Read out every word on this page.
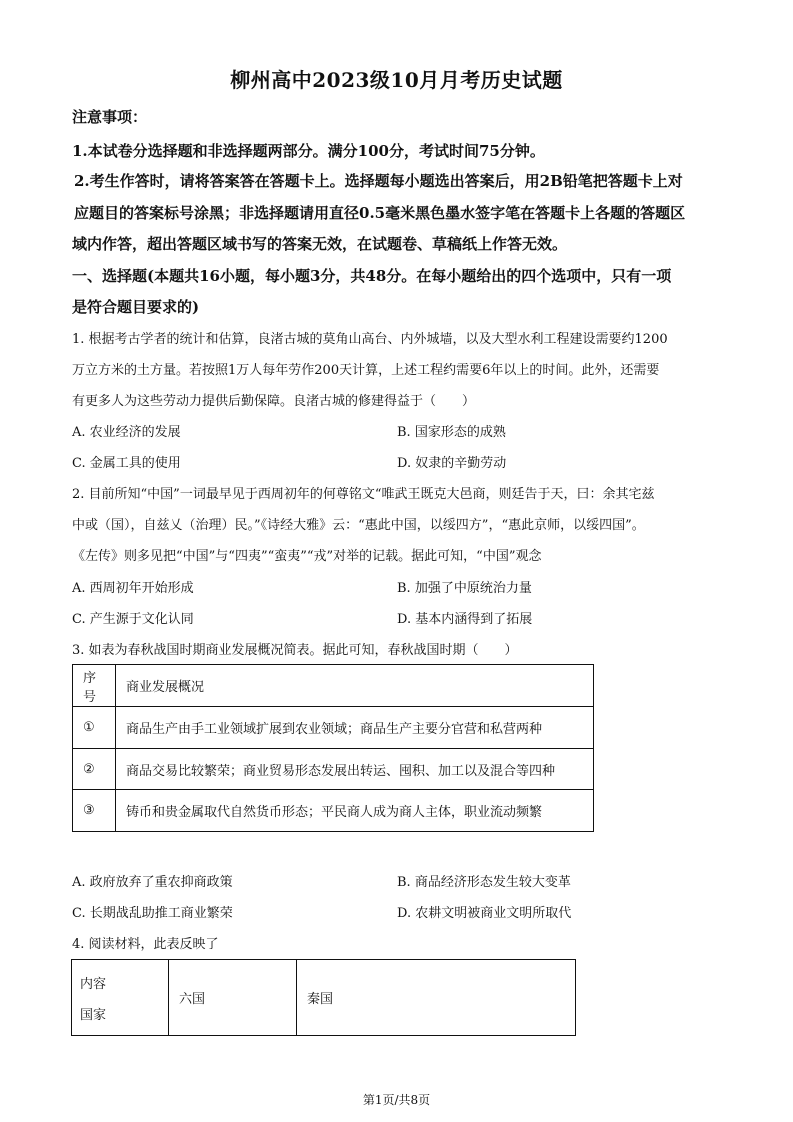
柳州高中2023级10月月考历史试题
注意事项：
1.本试卷分选择题和非选择题两部分。满分100分，考试时间75分钟。
2.考生作答时，请将答案答在答题卡上。选择题每小题选出答案后，用2B铅笔把答题卡上对
应题目的答案标号涂黑；非选择题请用直径0.5毫米黑色墨水签字笔在答题卡上各题的答题区
域内作答，超出答题区域书写的答案无效，在试题卷、草稿纸上作答无效。
一、选择题(本题共16小题，每小题3分，共48分。在每小题给出的四个选项中，只有一项
是符合题目要求的)
1. 根据考古学者的统计和估算，良渚古城的莫角山高台、内外城墙，以及大型水利工程建设需要约1200
万立方米的土方量。若按照1万人每年劳作200天计算，上述工程约需要6年以上的时间。此外，还需要
有更多人为这些劳动力提供后勤保障。良渚古城的修建得益于（　　）
A. 农业经济的发展	B. 国家形态的成熟
C. 金属工具的使用	D. 奴隶的辛勤劳动
2. 目前所知“中国”一词最早见于西周初年的何尊铭文“唯武王既克大邑商，则廷告于天，曰：余其宅兹
中或（国），自兹乂（治理）民。”《诗经大雅》云：“惠此中国，以绥四方”，“惠此京师，以绥四国”。
《左传》则多见把“中国”与“四夷”“蛮夷”“戎”对举的记载。据此可知，“中国”观念
A. 西周初年开始形成	B. 加强了中原统治力量
C. 产生源于文化认同	D. 基本内涵得到了拓展
3. 如表为春秋战国时期商业发展概况简表。据此可知，春秋战国时期（　　）
序号	商业发展概况
①	商品生产由手工业领域扩展到农业领域；商品生产主要分官营和私营两种
②	商品交易比较繁荣；商业贸易形态发展出转运、囤积、加工以及混合等四种
③	铸币和贵金属取代自然货币形态；平民商人成为商人主体，职业流动频繁
A. 政府放弃了重农抑商政策	B. 商品经济形态发生较大变革
C. 长期战乱助推工商业繁荣	D. 农耕文明被商业文明所取代
4. 阅读材料，此表反映了
内容
国家
	六国	秦国
第1页/共8页
